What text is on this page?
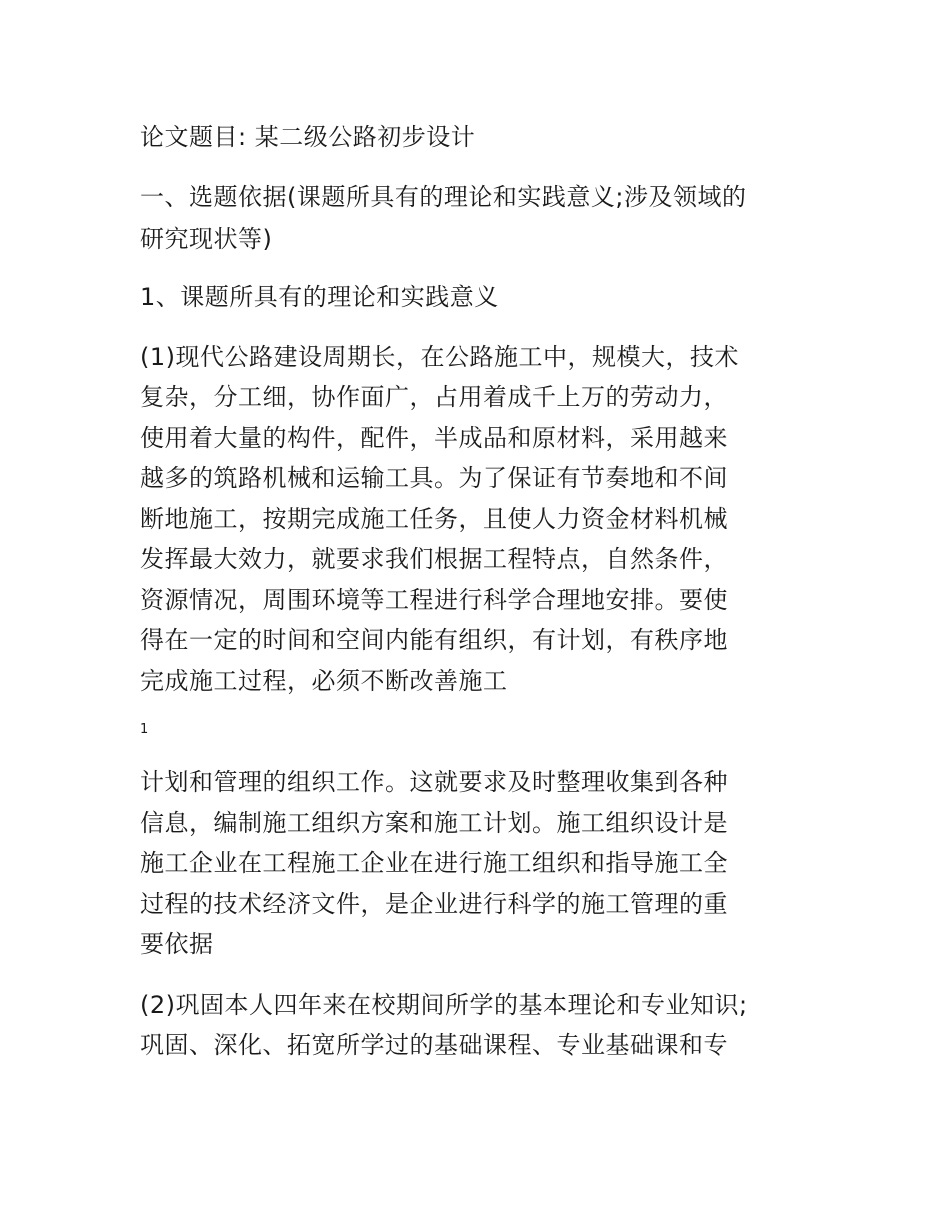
论文题目: 某二级公路初步设计
一、选题依据(课题所具有的理论和实践意义;涉及领域的
研究现状等)
1、课题所具有的理论和实践意义
(1)现代公路建设周期长，在公路施工中，规模大，技术
复杂，分工细，协作面广，占用着成千上万的劳动力，
使用着大量的构件，配件，半成品和原材料，采用越来
越多的筑路机械和运输工具。为了保证有节奏地和不间
断地施工，按期完成施工任务，且使人力资金材料机械
发挥最大效力，就要求我们根据工程特点，自然条件，
资源情况，周围环境等工程进行科学合理地安排。要使
得在一定的时间和空间内能有组织，有计划，有秩序地
完成施工过程，必须不断改善施工
1
计划和管理的组织工作。这就要求及时整理收集到各种
信息，编制施工组织方案和施工计划。施工组织设计是
施工企业在工程施工企业在进行施工组织和指导施工全
过程的技术经济文件，是企业进行科学的施工管理的重
要依据
(2)巩固本人四年来在校期间所学的基本理论和专业知识;
巩固、深化、拓宽所学过的基础课程、专业基础课和专
